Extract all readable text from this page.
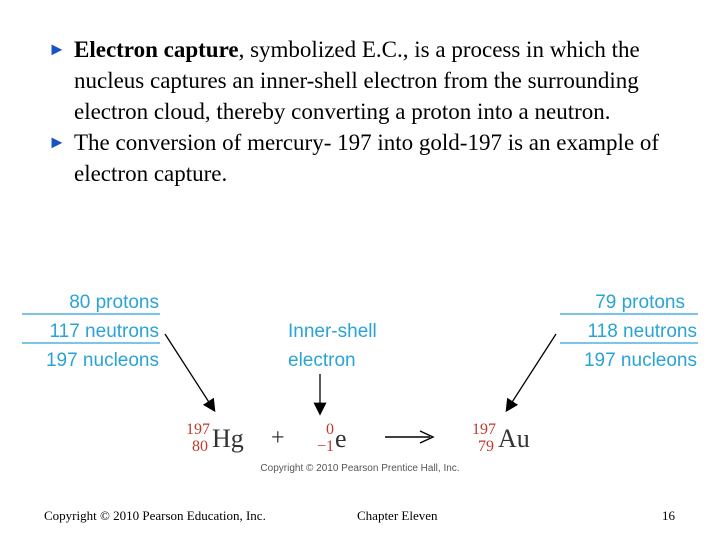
► Electron capture, symbolized E.C., is a process in which the nucleus captures an inner-shell electron from the surrounding electron cloud, thereby converting a proton into a neutron.
► The conversion of mercury- 197 into gold-197 is an example of electron capture.
80 protons
117 neutrons
197 nucleons
Inner-shell
electron
79 protons
118 neutrons
197 nucleons
197
80 Hg +	0
−1 e	197
79 Au
Copyright © 2010 Pearson Prentice Hall, Inc.
Copyright © 2010 Pearson Education, Inc.	Chapter Eleven	16
